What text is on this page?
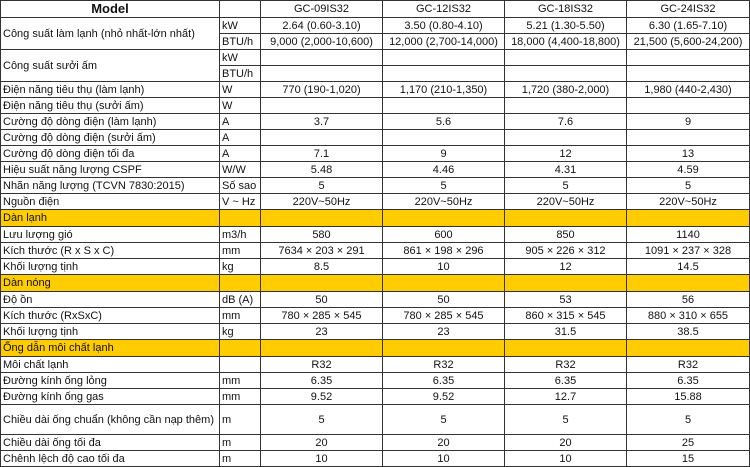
Model		GC-09IS32	GC-12IS32	GC-18IS32	GC-24IS32
Công suất làm lạnh (nhỏ nhất-lớn nhất)	kW	2.64 (0.60-3.10)	3.50 (0.80-4.10)	5.21 (1.30-5.50)	6.30 (1.65-7.10)
	BTU/h	9,000 (2,000-10,600)	12,000 (2,700-14,000)	18,000 (4,400-18,800)	21,500 (5,600-24,200)
Công suất sưởi ấm	kW				
	BTU/h				
Điện năng tiêu thụ (làm lạnh)	W	770 (190-1,020)	1,170 (210-1,350)	1,720 (380-2,000)	1,980 (440-2,430)
Điện năng tiêu thụ (sưởi ấm)	W				
Cường độ dòng điện (làm lạnh)	A	3.7	5.6	7.6	9
Cường độ dòng điện (sưởi ấm)	A				
Cường độ dòng điện tối đa	A	7.1	9	12	13
Hiệu suất năng lượng CSPF	W/W	5.48	4.46	4.31	4.59
Nhãn năng lượng (TCVN 7830:2015)	Số sao	5	5	5	5
Nguồn điện	V ~ Hz	220V~50Hz	220V~50Hz	220V~50Hz	220V~50Hz
Dàn lạnh					
Lưu lượng gió	m3/h	580	600	850	1140
Kích thước (R x S x C)	mm	7634 × 203 × 291	861 × 198 × 296	905 × 226 × 312	1091 × 237 × 328
Khối lượng tịnh	kg	8.5	10	12	14.5
Dàn nóng					
Độ ồn	dB (A)	50	50	53	56
Kích thước (RxSxC)	mm	780 × 285 × 545	780 × 285 × 545	860 × 315 × 545	880 × 310 × 655
Khối lượng tịnh	kg	23	23	31.5	38.5
Ống dẫn môi chất lạnh					
Môi chất lạnh		R32	R32	R32	R32
Đường kính ống lỏng	mm	6.35	6.35	6.35	6.35
Đường kính ống gas	mm	9.52	9.52	12.7	15.88
Chiều dài ống chuẩn (không cần nạp thêm)	m	5	5	5	5
Chiều dài ống tối đa	m	20	20	20	25
Chênh lệch độ cao tối đa	m	10	10	10	15
